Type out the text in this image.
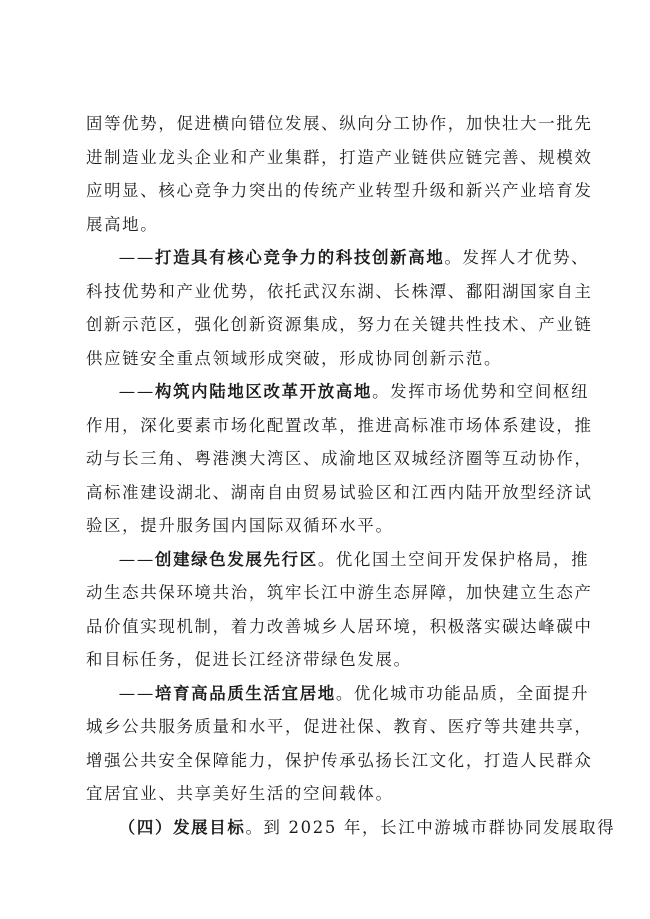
固等优势，促进横向错位发展、纵向分工协作，加快壮大一批先
进制造业龙头企业和产业集群，打造产业链供应链完善、规模效
应明显、核心竞争力突出的传统产业转型升级和新兴产业培育发
展高地。
——打造具有核心竞争力的科技创新高地。发挥人才优势、
科技优势和产业优势，依托武汉东湖、长株潭、鄱阳湖国家自主
创新示范区，强化创新资源集成，努力在关键共性技术、产业链
供应链安全重点领域形成突破，形成协同创新示范。
——构筑内陆地区改革开放高地。发挥市场优势和空间枢纽
作用，深化要素市场化配置改革，推进高标准市场体系建设，推
动与长三角、粤港澳大湾区、成渝地区双城经济圈等互动协作，
高标准建设湖北、湖南自由贸易试验区和江西内陆开放型经济试
验区，提升服务国内国际双循环水平。
——创建绿色发展先行区。优化国土空间开发保护格局，推
动生态共保环境共治，筑牢长江中游生态屏障，加快建立生态产
品价值实现机制，着力改善城乡人居环境，积极落实碳达峰碳中
和目标任务，促进长江经济带绿色发展。
——培育高品质生活宜居地。优化城市功能品质，全面提升
城乡公共服务质量和水平，促进社保、教育、医疗等共建共享，
增强公共安全保障能力，保护传承弘扬长江文化，打造人民群众
宜居宜业、共享美好生活的空间载体。
（四）发展目标。到 2025 年，长江中游城市群协同发展取得
